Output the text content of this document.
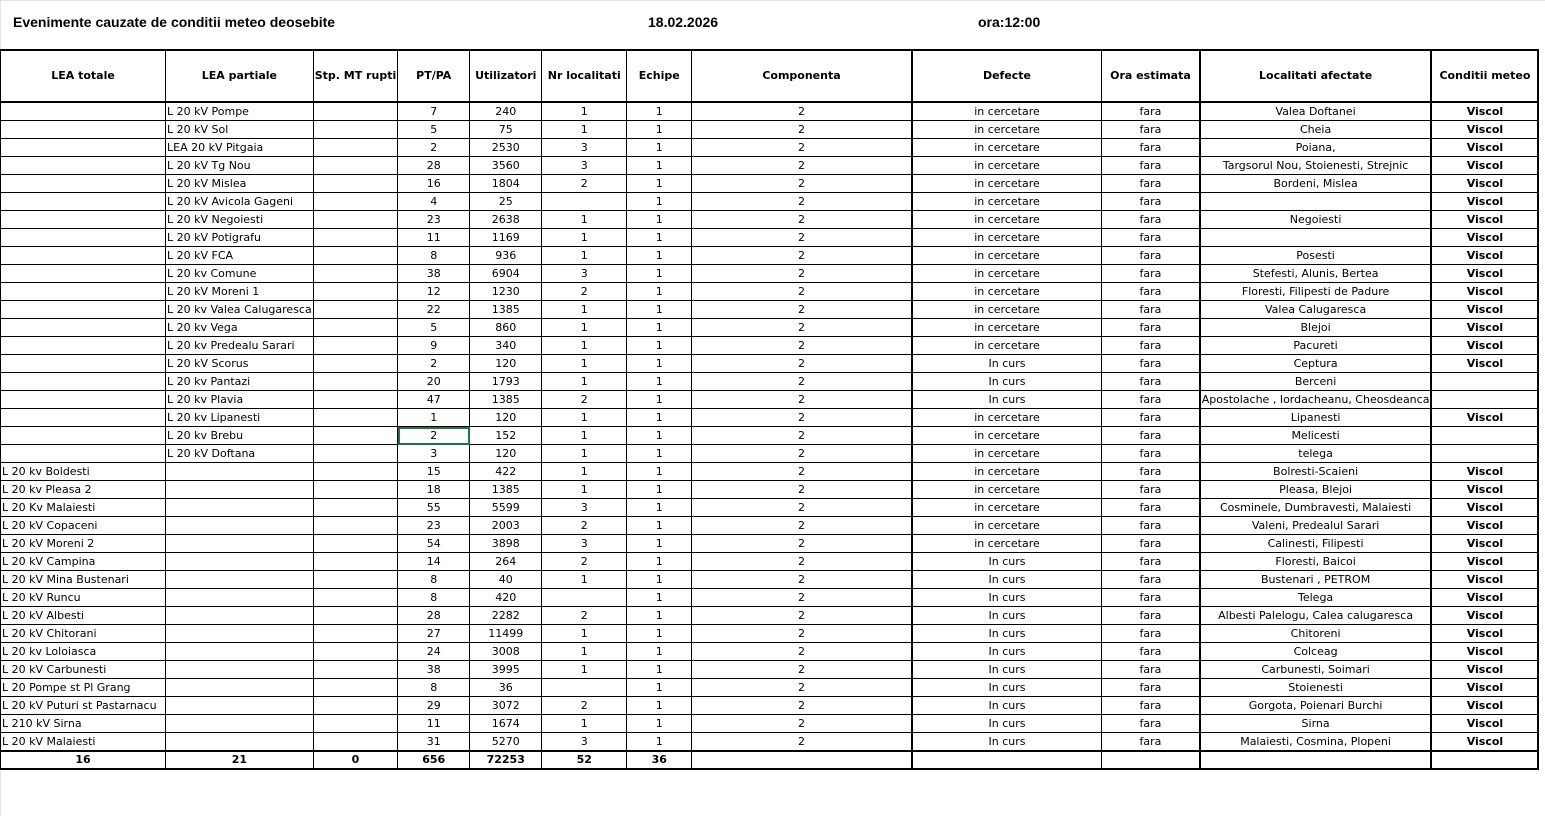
Evenimente cauzate de conditii meteo deosebite	18.02.2026	ora:12:00
LEA totale	LEA partiale	Stp. MT rupti	PT/PA	Utilizatori	Nr localitati	Echipe	Componenta	Defecte	Ora estimata	Localitati afectate	Conditii meteo
	L 20 kV Pompe		7	240	1	1	2	in cercetare	fara	Valea Doftanei	Viscol
	L 20 kV Sol		5	75	1	1	2	in cercetare	fara	Cheia	Viscol
	LEA 20 kV Pitgaia		2	2530	3	1	2	in cercetare	fara	Poiana,	Viscol
	L 20 kV Tg Nou		28	3560	3	1	2	in cercetare	fara	Targsorul Nou, Stoienesti, Strejnic	Viscol
	L 20 kV Mislea		16	1804	2	1	2	in cercetare	fara	Bordeni, Mislea	Viscol
	L 20 kV Avicola Gageni		4	25		1	2	in cercetare	fara		Viscol
	L 20 kV Negoiesti		23	2638	1	1	2	in cercetare	fara	Negoiesti	Viscol
	L 20 kV Potigrafu		11	1169	1	1	2	in cercetare	fara		Viscol
	L 20 kV FCA		8	936	1	1	2	in cercetare	fara	Posesti	Viscol
	L 20 kv Comune		38	6904	3	1	2	in cercetare	fara	Stefesti, Alunis, Bertea	Viscol
	L 20 kV Moreni 1		12	1230	2	1	2	in cercetare	fara	Floresti, Filipesti de Padure	Viscol
	L 20 kv Valea Calugaresca		22	1385	1	1	2	in cercetare	fara	Valea Calugaresca	Viscol
	L 20 kv Vega		5	860	1	1	2	in cercetare	fara	Blejoi	Viscol
	L 20 kv Predealu Sarari		9	340	1	1	2	in cercetare	fara	Pacureti	Viscol
	L 20 kV Scorus		2	120	1	1	2	In curs	fara	Ceptura	Viscol
	L 20 kv Pantazi		20	1793	1	1	2	In curs	fara	Berceni	
	L 20 kv Plavia		47	1385	2	1	2	In curs	fara	Apostolache , Iordacheanu, Cheosdeanca	
	L 20 kv Lipanesti		1	120	1	1	2	in cercetare	fara	Lipanesti	Viscol
	L 20 kv Brebu		2	152	1	1	2	in cercetare	fara	Melicesti	
	L 20 kV Doftana		3	120	1	1	2	in cercetare	fara	telega	
L 20 kv Boldesti			15	422	1	1	2	in cercetare	fara	Bolresti-Scaieni	Viscol
L 20 kv Pleasa 2			18	1385	1	1	2	in cercetare	fara	Pleasa, Blejoi	Viscol
L 20 Kv Malaiesti			55	5599	3	1	2	in cercetare	fara	Cosminele, Dumbravesti, Malaiesti	Viscol
L 20 kV Copaceni			23	2003	2	1	2	in cercetare	fara	Valeni, Predealul Sarari	Viscol
L 20 kV Moreni 2			54	3898	3	1	2	in cercetare	fara	Calinesti, Filipesti	Viscol
L 20 kV Campina			14	264	2	1	2	In curs	fara	Floresti, Baicoi	Viscol
L 20 kV Mina Bustenari			8	40	1	1	2	In curs	fara	Bustenari , PETROM	Viscol
L 20 kV Runcu			8	420		1	2	In curs	fara	Telega	Viscol
L 20 kV Albesti			28	2282	2	1	2	In curs	fara	Albesti Palelogu, Calea calugaresca	Viscol
L 20 kV Chitorani			27	11499	1	1	2	In curs	fara	Chitoreni	Viscol
L 20 kv Loloiasca			24	3008	1	1	2	In curs	fara	Colceag	Viscol
L 20 kV Carbunesti			38	3995	1	1	2	In curs	fara	Carbunesti, Soimari	Viscol
L 20 Pompe st Pl Grang			8	36		1	2	In curs	fara	Stoienesti	Viscol
L 20 kV Puturi st Pastarnacu			29	3072	2	1	2	In curs	fara	Gorgota, Poienari Burchi	Viscol
L 210 kV Sirna			11	1674	1	1	2	In curs	fara	Sirna	Viscol
L 20 kV Malaiesti			31	5270	3	1	2	In curs	fara	Malaiesti, Cosmina, Plopeni	Viscol
16	21	0	656	72253	52	36					
